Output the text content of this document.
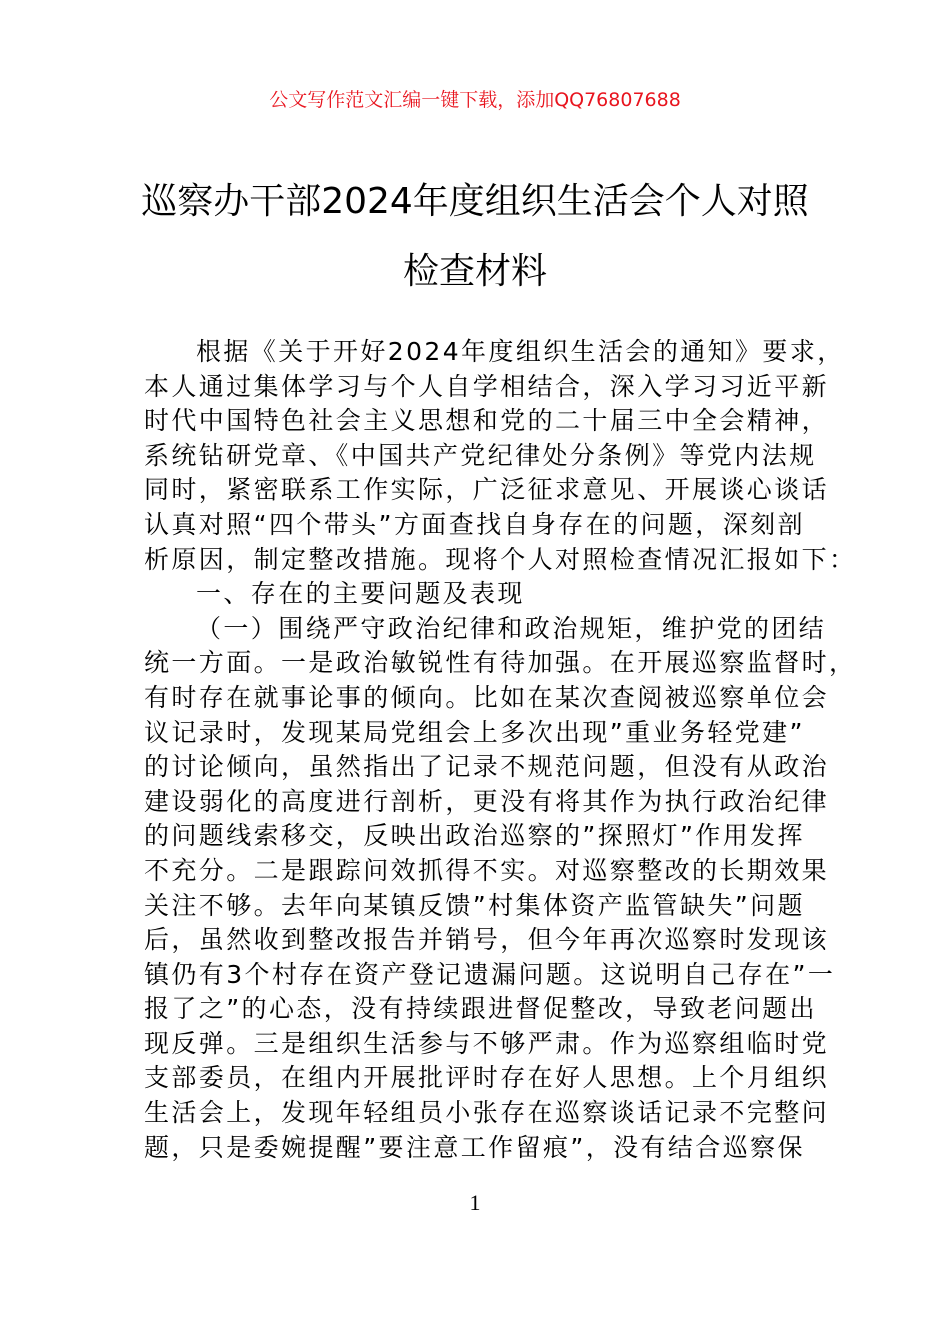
公文写作范文汇编一键下载，添加QQ76807688
巡察办干部2024年度组织生活会个人对照
检查材料
根据《关于开好2024年度组织生活会的通知》要求，
本人通过集体学习与个人自学相结合，深入学习习近平新
时代中国特色社会主义思想和党的二十届三中全会精神，
系统钻研党章、《中国共产党纪律处分条例》等党内法规
同时，紧密联系工作实际，广泛征求意见、开展谈心谈话
认真对照“四个带头”方面查找自身存在的问题，深刻剖
析原因，制定整改措施。现将个人对照检查情况汇报如下：
一、存在的主要问题及表现
（一）围绕严守政治纪律和政治规矩，维护党的团结
统一方面。一是政治敏锐性有待加强。在开展巡察监督时，
有时存在就事论事的倾向。比如在某次查阅被巡察单位会
议记录时，发现某局党组会上多次出现”重业务轻党建”
的讨论倾向，虽然指出了记录不规范问题，但没有从政治
建设弱化的高度进行剖析，更没有将其作为执行政治纪律
的问题线索移交，反映出政治巡察的”探照灯”作用发挥
不充分。二是跟踪问效抓得不实。对巡察整改的长期效果
关注不够。去年向某镇反馈”村集体资产监管缺失”问题
后，虽然收到整改报告并销号，但今年再次巡察时发现该
镇仍有3个村存在资产登记遗漏问题。这说明自己存在”一
报了之”的心态，没有持续跟进督促整改，导致老问题出
现反弹。三是组织生活参与不够严肃。作为巡察组临时党
支部委员，在组内开展批评时存在好人思想。上个月组织
生活会上，发现年轻组员小张存在巡察谈话记录不完整问
题，只是委婉提醒”要注意工作留痕”，没有结合巡察保
1
